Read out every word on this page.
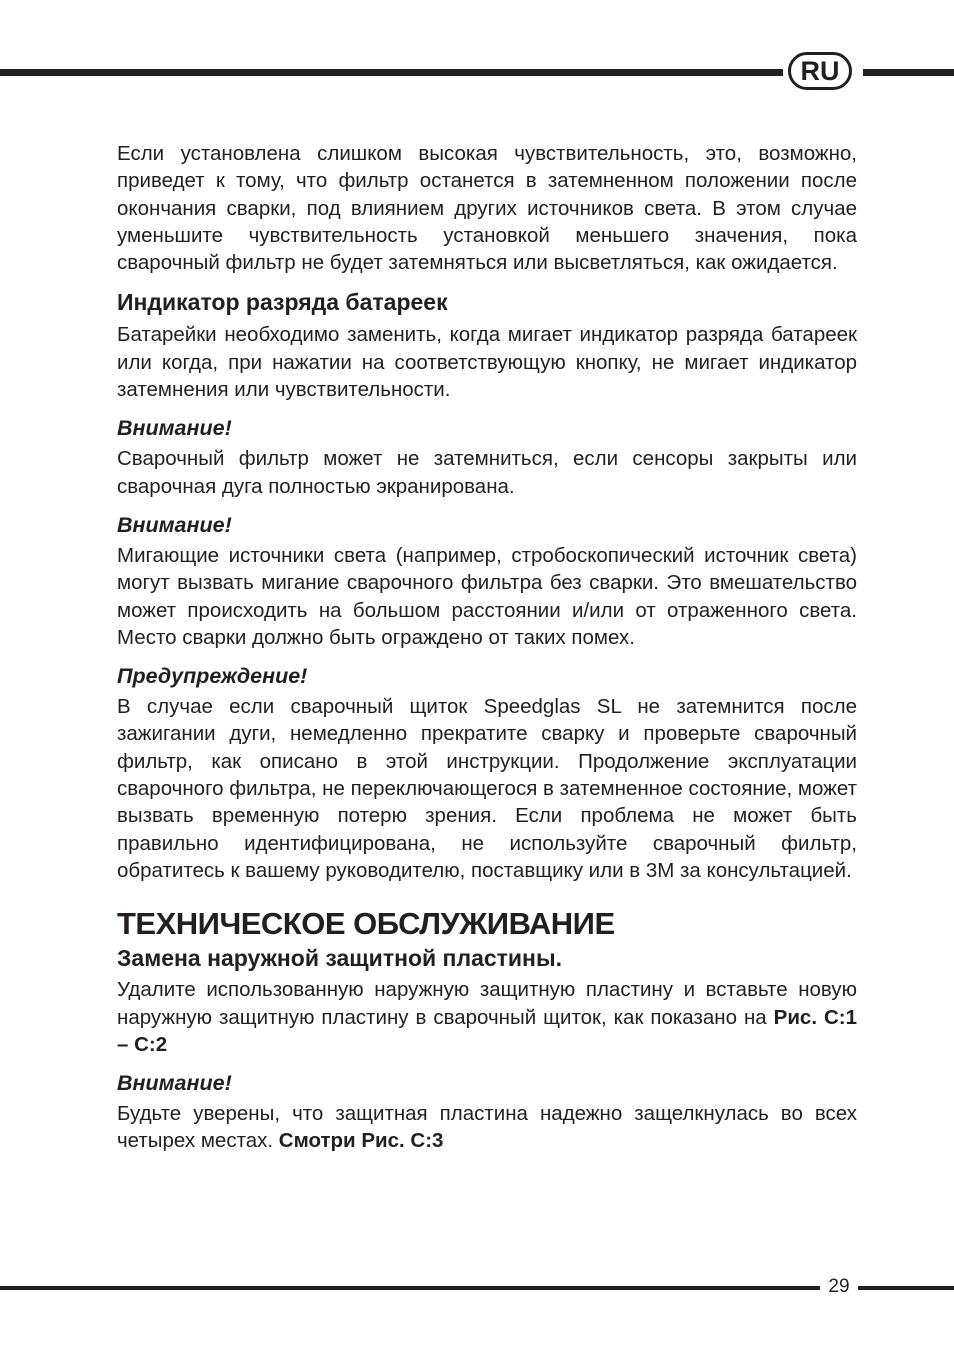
RU

Если установлена слишком высокая чувствительность, это, возможно, приведет к тому, что фильтр останется в затемненном положении после окончания сварки, под влиянием других источников света. В этом случае уменьшите чувствительность установкой меньшего значения, пока сварочный фильтр не будет затемняться или высветляться, как ожидается.

Индикатор разряда батареек

Батарейки необходимо заменить, когда мигает индикатор разряда батареек или когда, при нажатии на соответствующую кнопку, не мигает индикатор затемнения или чувствительности.

Внимание!

Сварочный фильтр может не затемниться, если сенсоры закрыты или сварочная дуга полностью экранирована.

Внимание!

Мигающие источники света (например, стробоскопический источник света) могут вызвать мигание сварочного фильтра без сварки. Это вмешательство может происходить на большом расстоянии и/или от отраженного света. Место сварки должно быть ограждено от таких помех.

Предупреждение!

В случае если сварочный щиток Speedglas SL не затемнится после зажигании дуги, немедленно прекратите сварку и проверьте сварочный фильтр, как описано в этой инструкции. Продолжение эксплуатации сварочного фильтра, не переключающегося в затемненное состояние, может вызвать временную потерю зрения. Если проблема не может быть правильно идентифицирована, не используйте сварочный фильтр, обратитесь к вашему руководителю, поставщику или в 3М за консультацией.

ТЕХНИЧЕСКОЕ ОБСЛУЖИВАНИЕ
Замена наружной защитной пластины.

Удалите использованную наружную защитную пластину и вставьте новую наружную защитную пластину в сварочный щиток, как показано на Рис. C:1 – C:2

Внимание!

Будьте уверены, что защитная пластина надежно защелкнулась во всех четырех местах. Смотри Рис. C:3

29
